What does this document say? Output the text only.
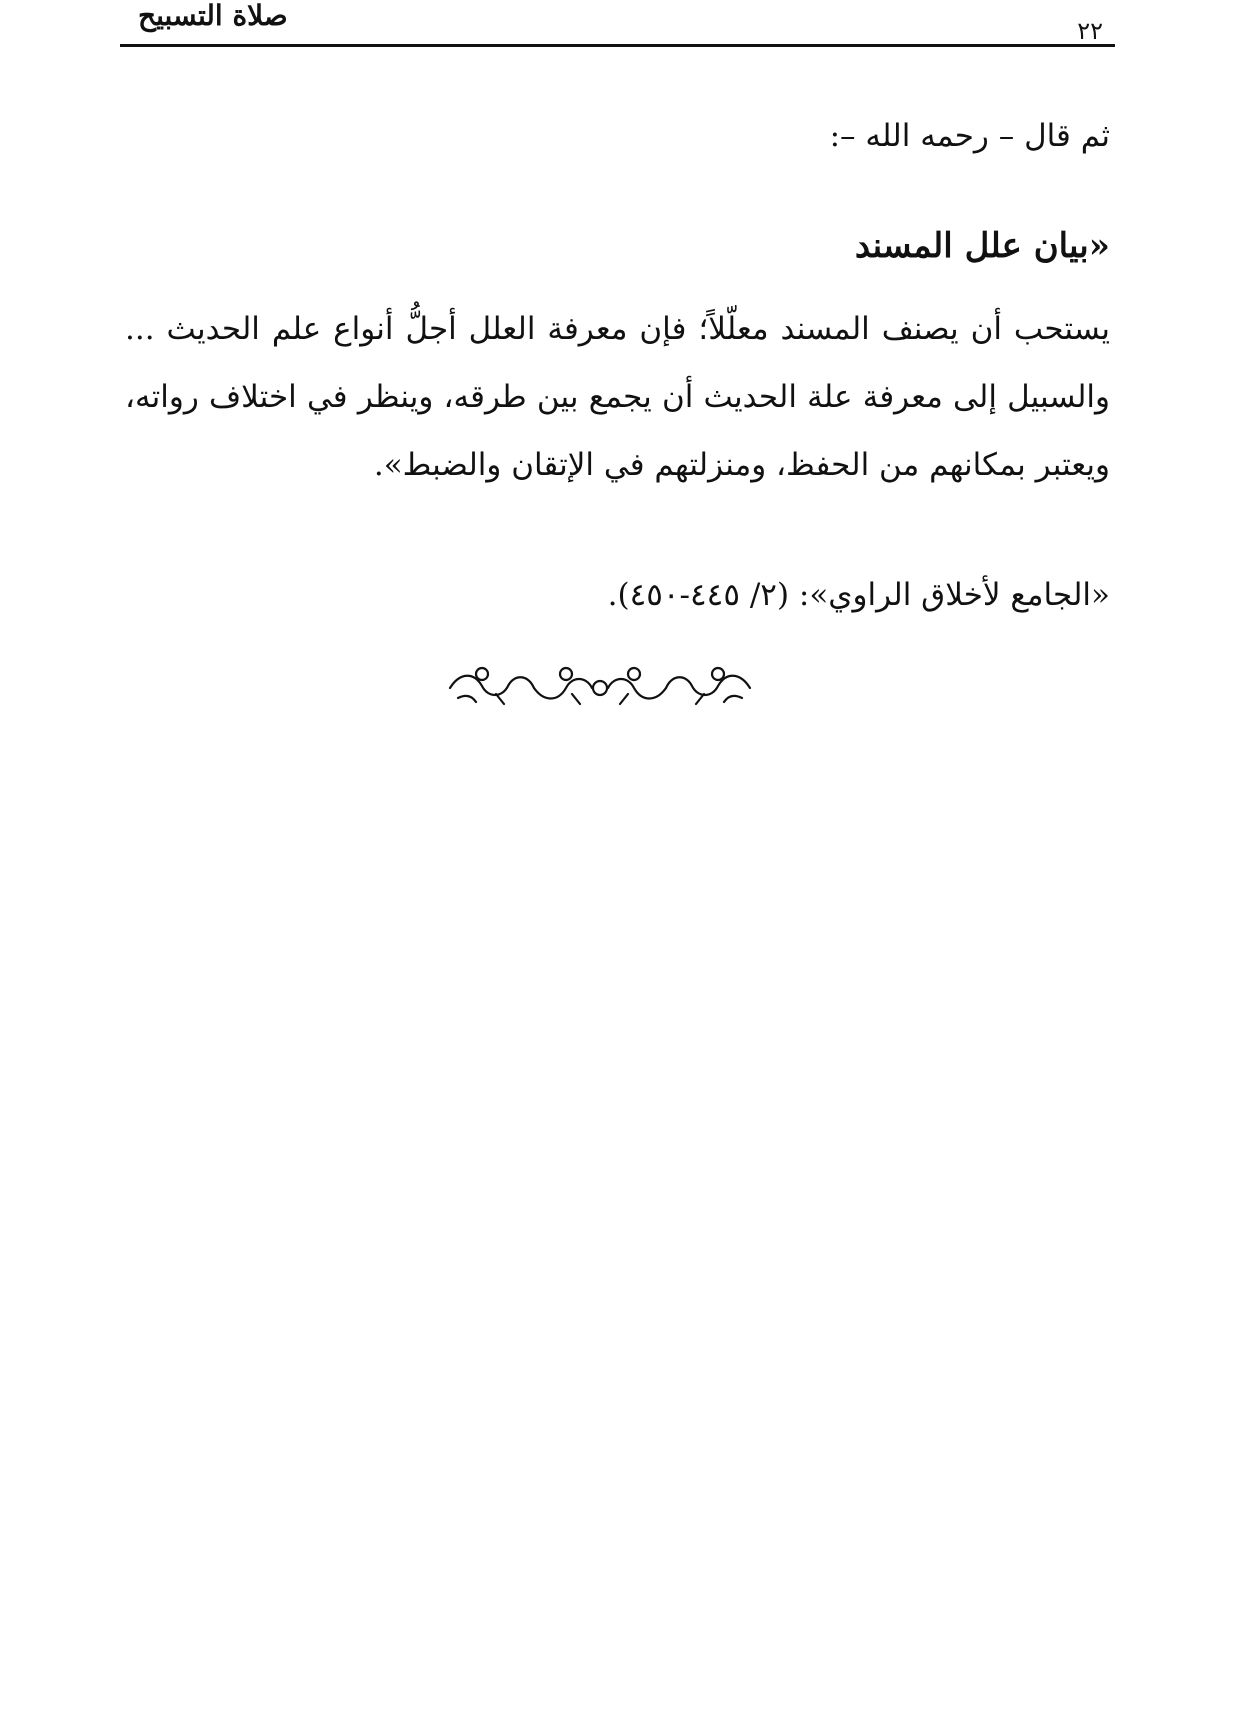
٢٢
صلاة التسبيح
ثم قال – رحمه الله –:
«بيان علل المسند
يستحب أن يصنف المسند معلّلاً؛ فإن معرفة العلل أجلُّ أنواع علم الحديث ... والسبيل إلى معرفة علة الحديث أن يجمع بين طرقه، وينظر في اختلاف رواته، ويعتبر بمكانهم من الحفظ، ومنزلتهم في الإتقان والضبط».
«الجامع لأخلاق الراوي»: (٢/ ٤٤٥-٤٥٠).
